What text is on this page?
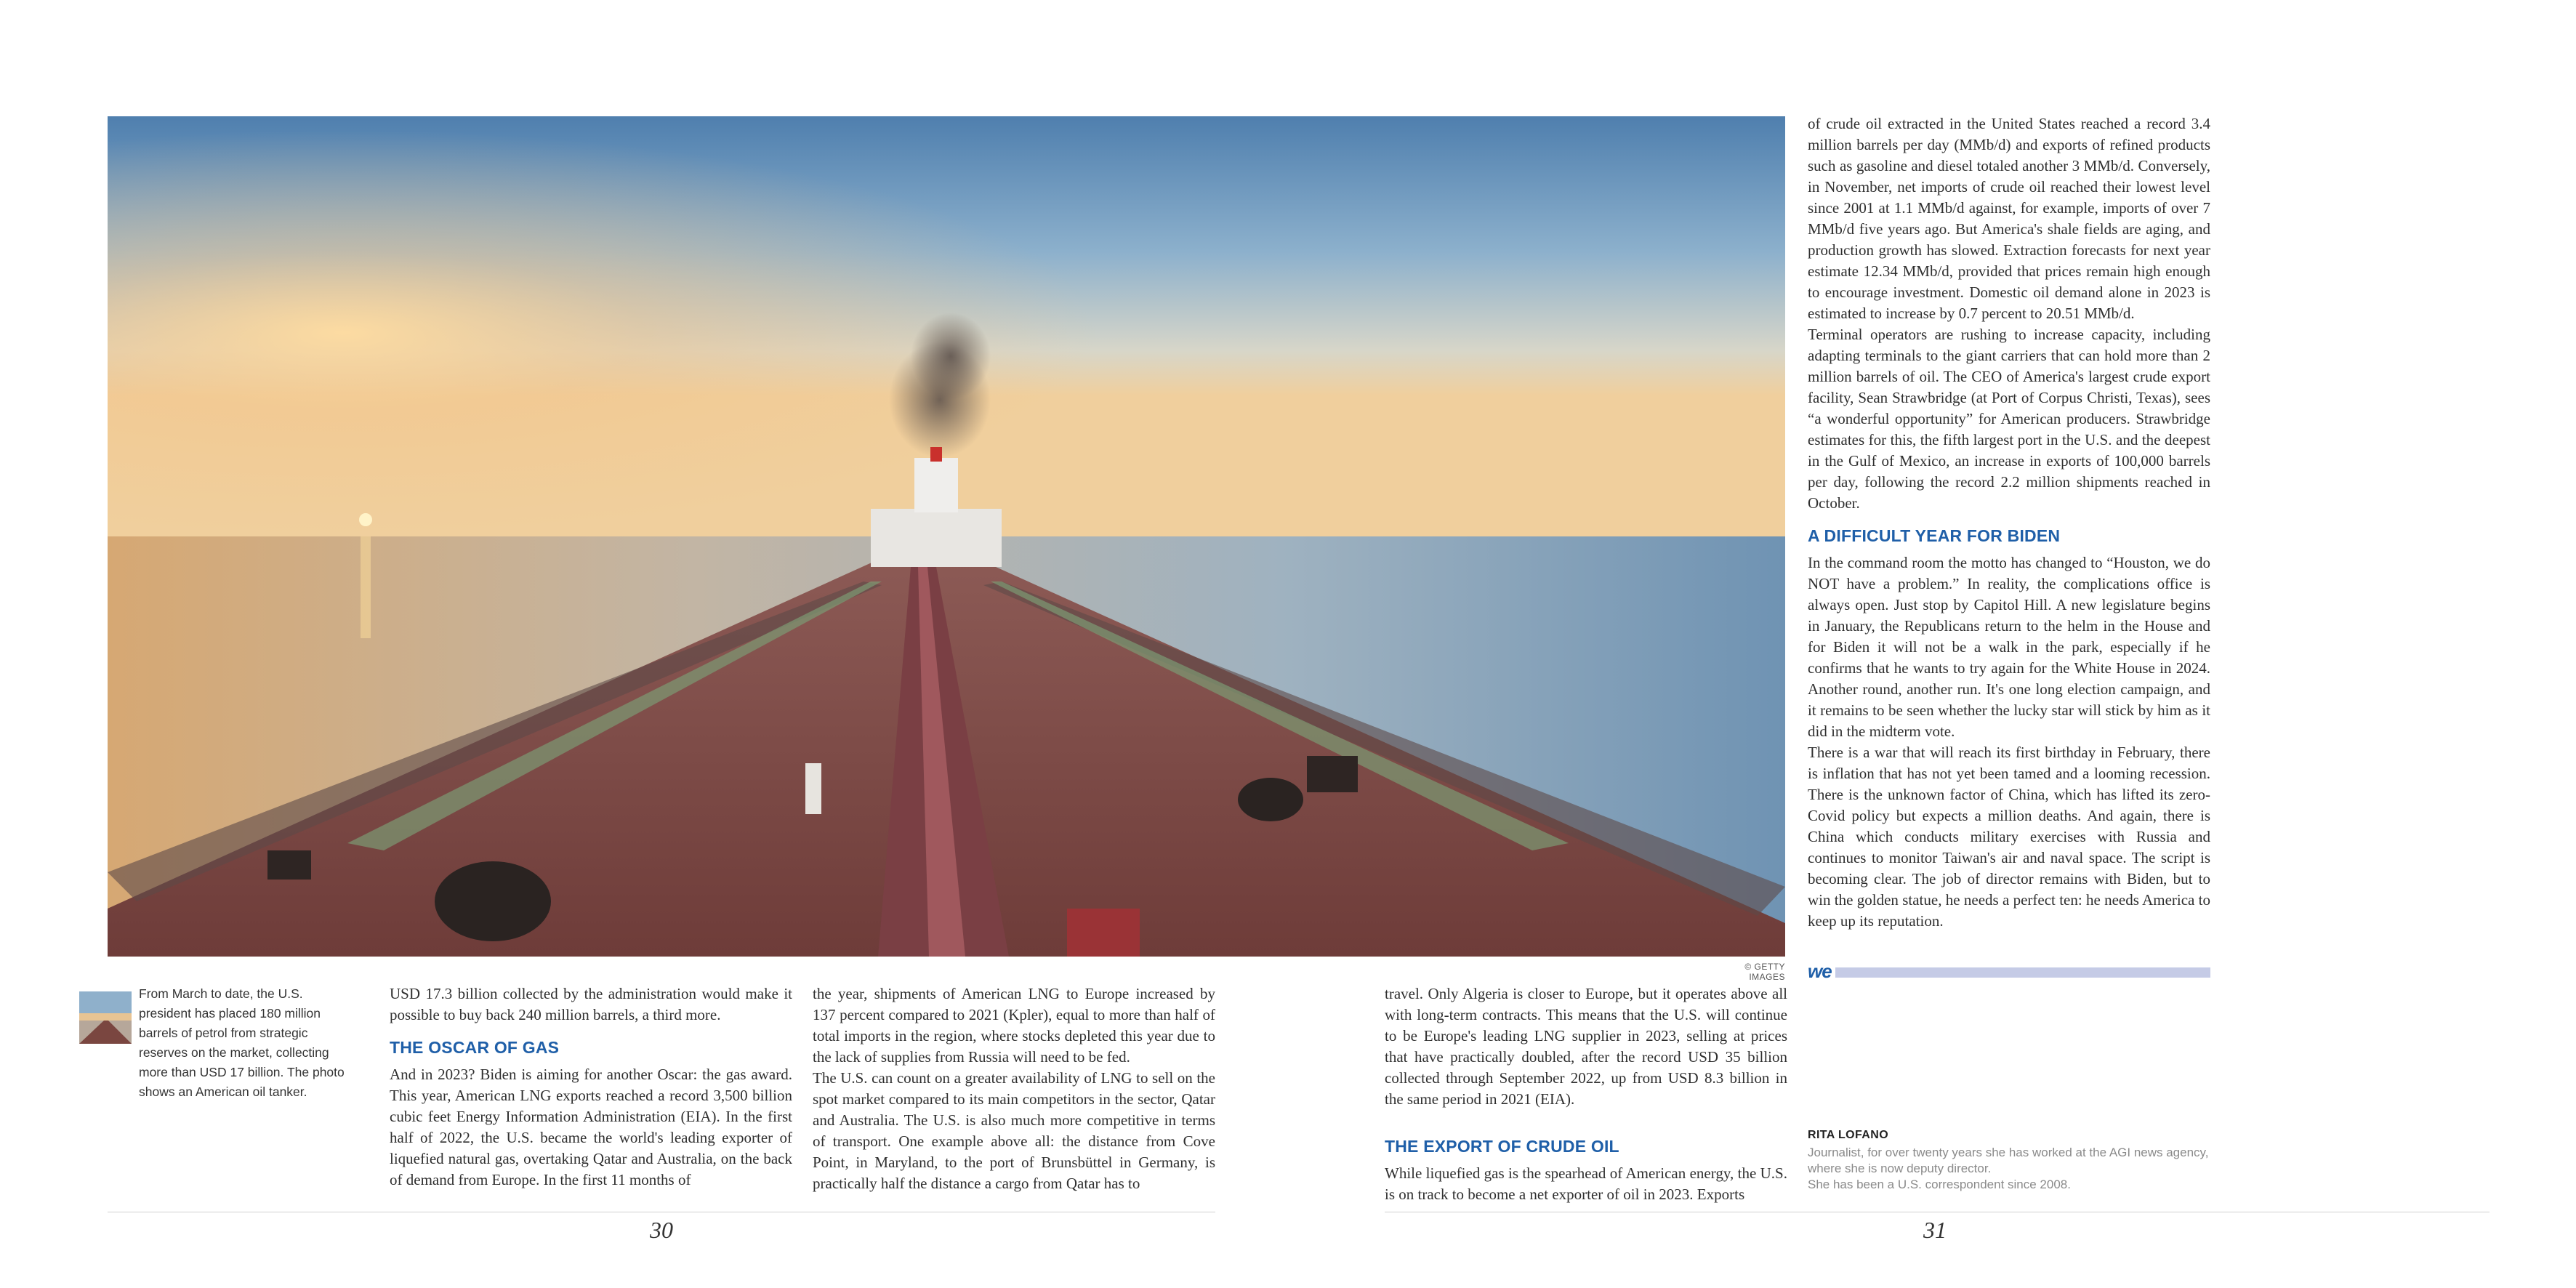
© GETTY IMAGES
From March to date, the U.S.
president has placed 180 million
barrels of petrol from strategic
reserves on the market, collecting
more than USD 17 billion. The photo
shows an American oil tanker.

USD 17.3 billion collected by the administration would make it possible to buy back 240 million barrels, a third more.

THE OSCAR OF GAS

And in 2023? Biden is aiming for another Oscar: the gas award. This year, American LNG exports reached a record 3,500 billion cubic feet Energy Information Administration (EIA). In the first half of 2022, the U.S. became the world's leading exporter of liquefied natural gas, overtaking Qatar and Australia, on the back of demand from Europe. In the first 11 months of

the year, shipments of American LNG to Europe increased by 137 percent compared to 2021 (Kpler), equal to more than half of total imports in the region, where stocks depleted this year due to the lack of supplies from Russia will need to be fed.

The U.S. can count on a greater availability of LNG to sell on the spot market compared to its main competitors in the sector, Qatar and Australia. The U.S. is also much more competitive in terms of transport. One example above all: the distance from Cove Point, in Maryland, to the port of Brunsbüttel in Germany, is practically half the distance a cargo from Qatar has to

travel. Only Algeria is closer to Europe, but it operates above all with long-term contracts. This means that the U.S. will continue to be Europe's leading LNG supplier in 2023, selling at prices that have practically doubled, after the record USD 35 billion collected through September 2022, up from USD 8.3 billion in the same period in 2021 (EIA).

THE EXPORT OF CRUDE OIL

While liquefied gas is the spearhead of American energy, the U.S. is on track to become a net exporter of oil in 2023. Exports

of crude oil extracted in the United States reached a record 3.4 million barrels per day (MMb/d) and exports of refined products such as gasoline and diesel totaled another 3 MMb/d. Conversely, in November, net imports of crude oil reached their lowest level since 2001 at 1.1 MMb/d against, for example, imports of over 7 MMb/d five years ago. But America's shale fields are aging, and production growth has slowed. Extraction forecasts for next year estimate 12.34 MMb/d, provided that prices remain high enough to encourage investment. Domestic oil demand alone in 2023 is estimated to increase by 0.7 percent to 20.51 MMb/d.

Terminal operators are rushing to increase capacity, including adapting terminals to the giant carriers that can hold more than 2 million barrels of oil. The CEO of America's largest crude export facility, Sean Strawbridge (at Port of Corpus Christi, Texas), sees “a wonderful opportunity” for American producers. Strawbridge estimates for this, the fifth largest port in the U.S. and the deepest in the Gulf of Mexico, an increase in exports of 100,000 barrels per day, following the record 2.2 million shipments reached in October.

A DIFFICULT YEAR FOR BIDEN

In the command room the motto has changed to “Houston, we do NOT have a problem.” In reality, the complications office is always open. Just stop by Capitol Hill. A new legislature begins in January, the Republicans return to the helm in the House and for Biden it will not be a walk in the park, especially if he confirms that he wants to try again for the White House in 2024. Another round, another run. It's one long election campaign, and it remains to be seen whether the lucky star will stick by him as it did in the midterm vote.

There is a war that will reach its first birthday in February, there is inflation that has not yet been tamed and a looming recession. There is the unknown factor of China, which has lifted its zero-Covid policy but expects a million deaths. And again, there is China which conducts military exercises with Russia and continues to monitor Taiwan's air and naval space. The script is becoming clear. The job of director remains with Biden, but to win the golden statue, he needs a perfect ten: he needs America to keep up its reputation.

we
RITA LOFANO
Journalist, for over twenty years she has worked at the AGI news agency,
where she is now deputy director.
She has been a U.S. correspondent since 2008.
30	31
